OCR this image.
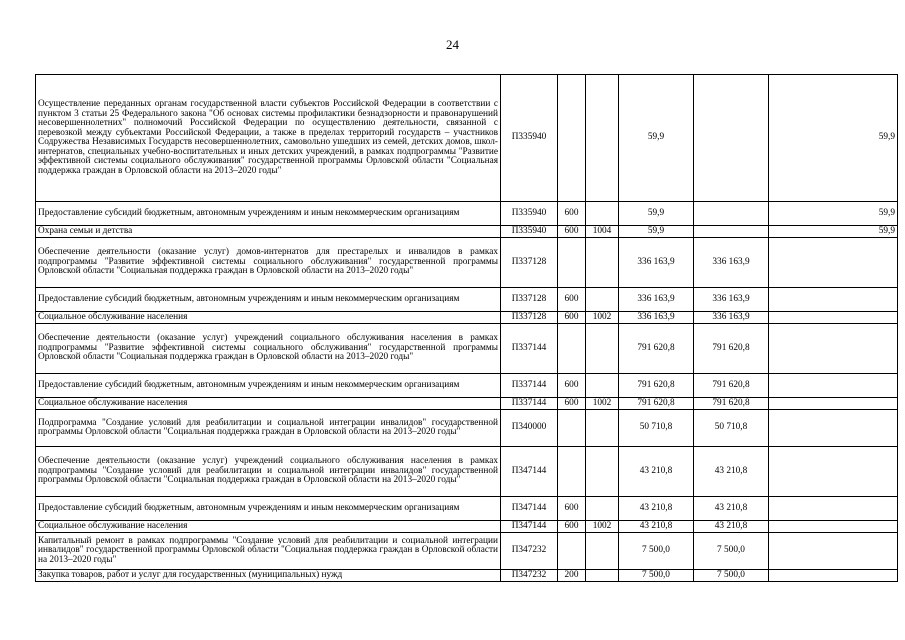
24
Осуществление переданных органам государственной власти субъектов Российской Федерации в соответствии с пунктом 3 статьи 25 Федерального закона "Об основах системы профилактики безнадзорности и правонарушений несовершеннолетних" полномочий Российской Федерации по осуществлению деятельности, связанной с перевозкой между субъектами Российской Федерации, а также в пределах территорий государств – участников Содружества Независимых Государств несовершеннолетних, самовольно ушедших из семей, детских домов, школ-интернатов, специальных учебно-воспитательных и иных детских учреждений, в рамках подпрограммы "Развитие эффективной системы социального обслуживания" государственной программы Орловской области "Социальная поддержка граждан в Орловской области на 2013–2020 годы"	П335940			59,9		59,9
Предоставление субсидий бюджетным, автономным учреждениям и иным некоммерческим организациям	П335940	600		59,9		59,9
Охрана семьи и детства	П335940	600	1004	59,9		59,9
Обеспечение деятельности (оказание услуг) домов-интернатов для престарелых и инвалидов в рамках подпрограммы "Развитие эффективной системы социального обслуживания" государственной программы Орловской области "Социальная поддержка граждан в Орловской области на 2013–2020 годы"	П337128			336 163,9	336 163,9	
Предоставление субсидий бюджетным, автономным учреждениям и иным некоммерческим организациям	П337128	600		336 163,9	336 163,9	
Социальное обслуживание населения	П337128	600	1002	336 163,9	336 163,9	
Обеспечение деятельности (оказание услуг) учреждений социального обслуживания населения в рамках подпрограммы "Развитие эффективной системы социального обслуживания" государственной программы Орловской области "Социальная поддержка граждан в Орловской области на 2013–2020 годы"	П337144			791 620,8	791 620,8	
Предоставление субсидий бюджетным, автономным учреждениям и иным некоммерческим организациям	П337144	600		791 620,8	791 620,8	
Социальное обслуживание населения	П337144	600	1002	791 620,8	791 620,8	
Подпрограмма "Создание условий для реабилитации и социальной интеграции инвалидов" государственной программы Орловской области "Социальная поддержка граждан в Орловской области на 2013–2020 годы"	П340000			50 710,8	50 710,8	
Обеспечение деятельности (оказание услуг) учреждений социального обслуживания населения в рамках подпрограммы "Создание условий для реабилитации и социальной интеграции инвалидов" государственной программы Орловской области "Социальная поддержка граждан в Орловской области на 2013–2020 годы"	П347144			43 210,8	43 210,8	
Предоставление субсидий бюджетным, автономным учреждениям и иным некоммерческим организациям	П347144	600		43 210,8	43 210,8	
Социальное обслуживание населения	П347144	600	1002	43 210,8	43 210,8	
Капитальный ремонт в рамках подпрограммы "Создание условий для реабилитации и социальной интеграции инвалидов" государственной программы Орловской области "Социальная поддержка граждан в Орловской области на 2013–2020 годы"	П347232			7 500,0	7 500,0	
Закупка товаров, работ и услуг для государственных (муниципальных) нужд	П347232	200		7 500,0	7 500,0	
